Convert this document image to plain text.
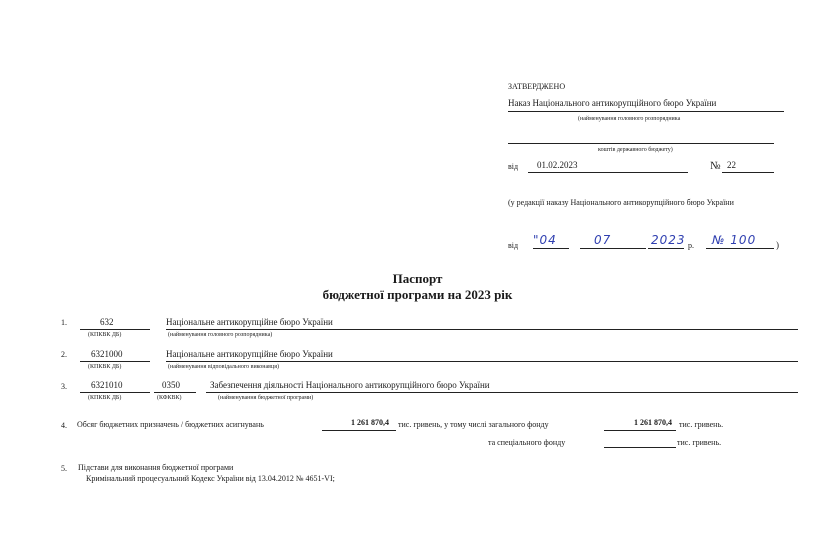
ЗАТВЕРДЖЕНО
Наказ Національного антикорупційного бюро України
(найменування головного розпорядника
коштів державного бюджету)
від 01.02.2023	№ 22
(у редакції наказу Національного антикорупційного бюро України
від "04	07	2023 р. № 100 )
Паспорт
бюджетної програми на 2023 рік
1.	632	Національне антикорупційне бюро України
(КПКВК ДБ)	(найменування головного розпорядника)
2.	6321000	Національне антикорупційне бюро України
(КПКВК ДБ)	(найменування відповідального виконавця)
3.	6321010	0350	Забезпечення діяльності Національного антикорупційного бюро України
(КПКВК ДБ)	(КФКВК)	(найменування бюджетної програми)
4. Обсяг бюджетних призначень / бюджетних асигнувань	1 261 870,4 тис. гривень, у тому числі загального фонду	1 261 870,4 тис. гривень.
та спеціального фонду	тис. гривень.
5. Підстави для виконання бюджетної програми
Кримінальний процесуальний Кодекс України від 13.04.2012 № 4651-VI;
